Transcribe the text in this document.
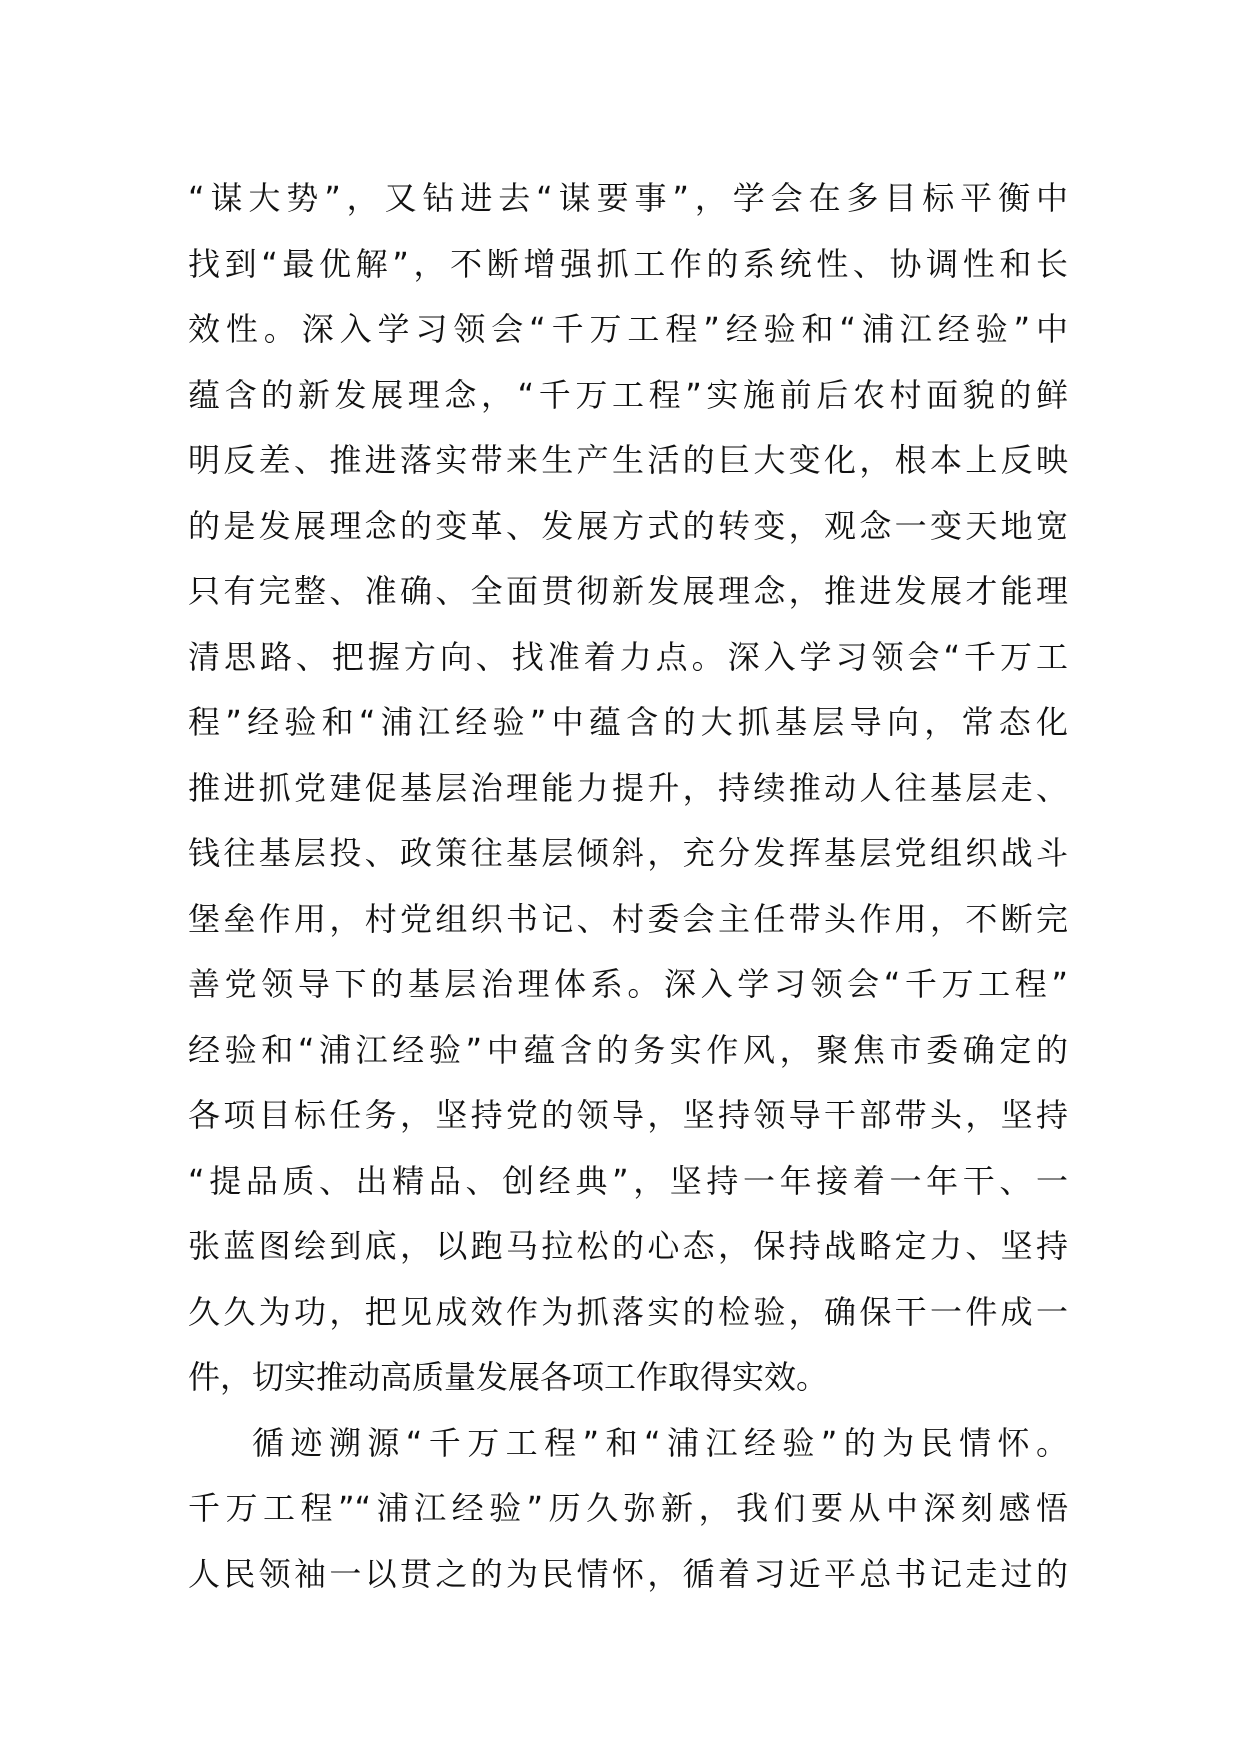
“谋大势”，又钻进去“谋要事”，学会在多目标平衡中
找到“最优解”，不断增强抓工作的系统性、协调性和长
效性。深入学习领会“千万工程”经验和“浦江经验”中
蕴含的新发展理念，“千万工程”实施前后农村面貌的鲜
明反差、推进落实带来生产生活的巨大变化，根本上反映
的是发展理念的变革、发展方式的转变，观念一变天地宽
只有完整、准确、全面贯彻新发展理念，推进发展才能理
清思路、把握方向、找准着力点。深入学习领会“千万工
程”经验和“浦江经验”中蕴含的大抓基层导向，常态化
推进抓党建促基层治理能力提升，持续推动人往基层走、
钱往基层投、政策往基层倾斜，充分发挥基层党组织战斗
堡垒作用，村党组织书记、村委会主任带头作用，不断完
善党领导下的基层治理体系。深入学习领会“千万工程”
经验和“浦江经验”中蕴含的务实作风，聚焦市委确定的
各项目标任务，坚持党的领导，坚持领导干部带头，坚持
“提品质、出精品、创经典”，坚持一年接着一年干、一
张蓝图绘到底，以跑马拉松的心态，保持战略定力、坚持
久久为功，把见成效作为抓落实的检验，确保干一件成一
件，切实推动高质量发展各项工作取得实效。
循迹溯源“千万工程”和“浦江经验”的为民情怀。
千万工程”“浦江经验”历久弥新，我们要从中深刻感悟
人民领袖一以贯之的为民情怀，循着习近平总书记走过的
